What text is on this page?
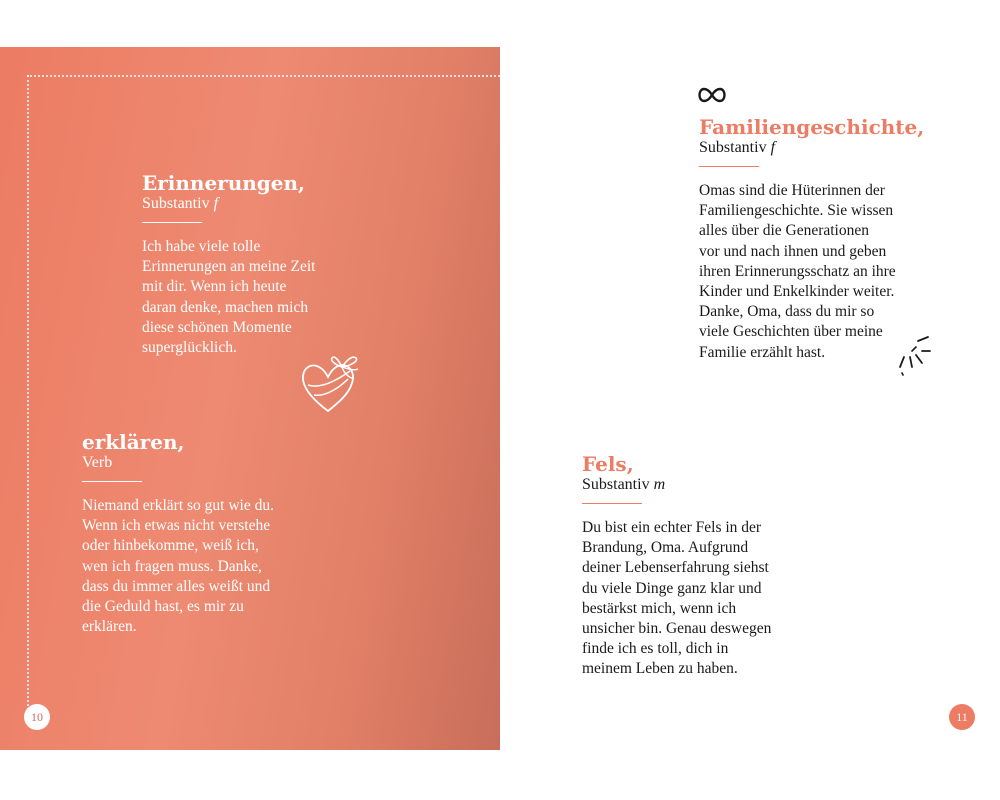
Erinnerungen,

Substantiv f

Ich habe viele tolle
Erinnerungen an meine Zeit
mit dir. Wenn ich heute
daran denke, machen mich
diese schönen Momente
superglücklich.

erklären,

Verb

Niemand erklärt so gut wie du.
Wenn ich etwas nicht verstehe
oder hinbekomme, weiß ich,
wen ich fragen muss. Danke,
dass du immer alles weißt und
die Geduld hast, es mir zu
erklären.
10

Familiengeschichte,

Substantiv f

Omas sind die Hüterinnen der
Familiengeschichte. Sie wissen
alles über die Generationen
vor und nach ihnen und geben
ihren Erinnerungsschatz an ihre
Kinder und Enkelkinder weiter.
Danke, Oma, dass du mir so
viele Geschichten über meine
Familie erzählt hast.

Fels,

Substantiv m

Du bist ein echter Fels in der
Brandung, Oma. Aufgrund
deiner Lebenserfahrung siehst
du viele Dinge ganz klar und
bestärkst mich, wenn ich
unsicher bin. Genau deswegen
finde ich es toll, dich in
meinem Leben zu haben.
11
